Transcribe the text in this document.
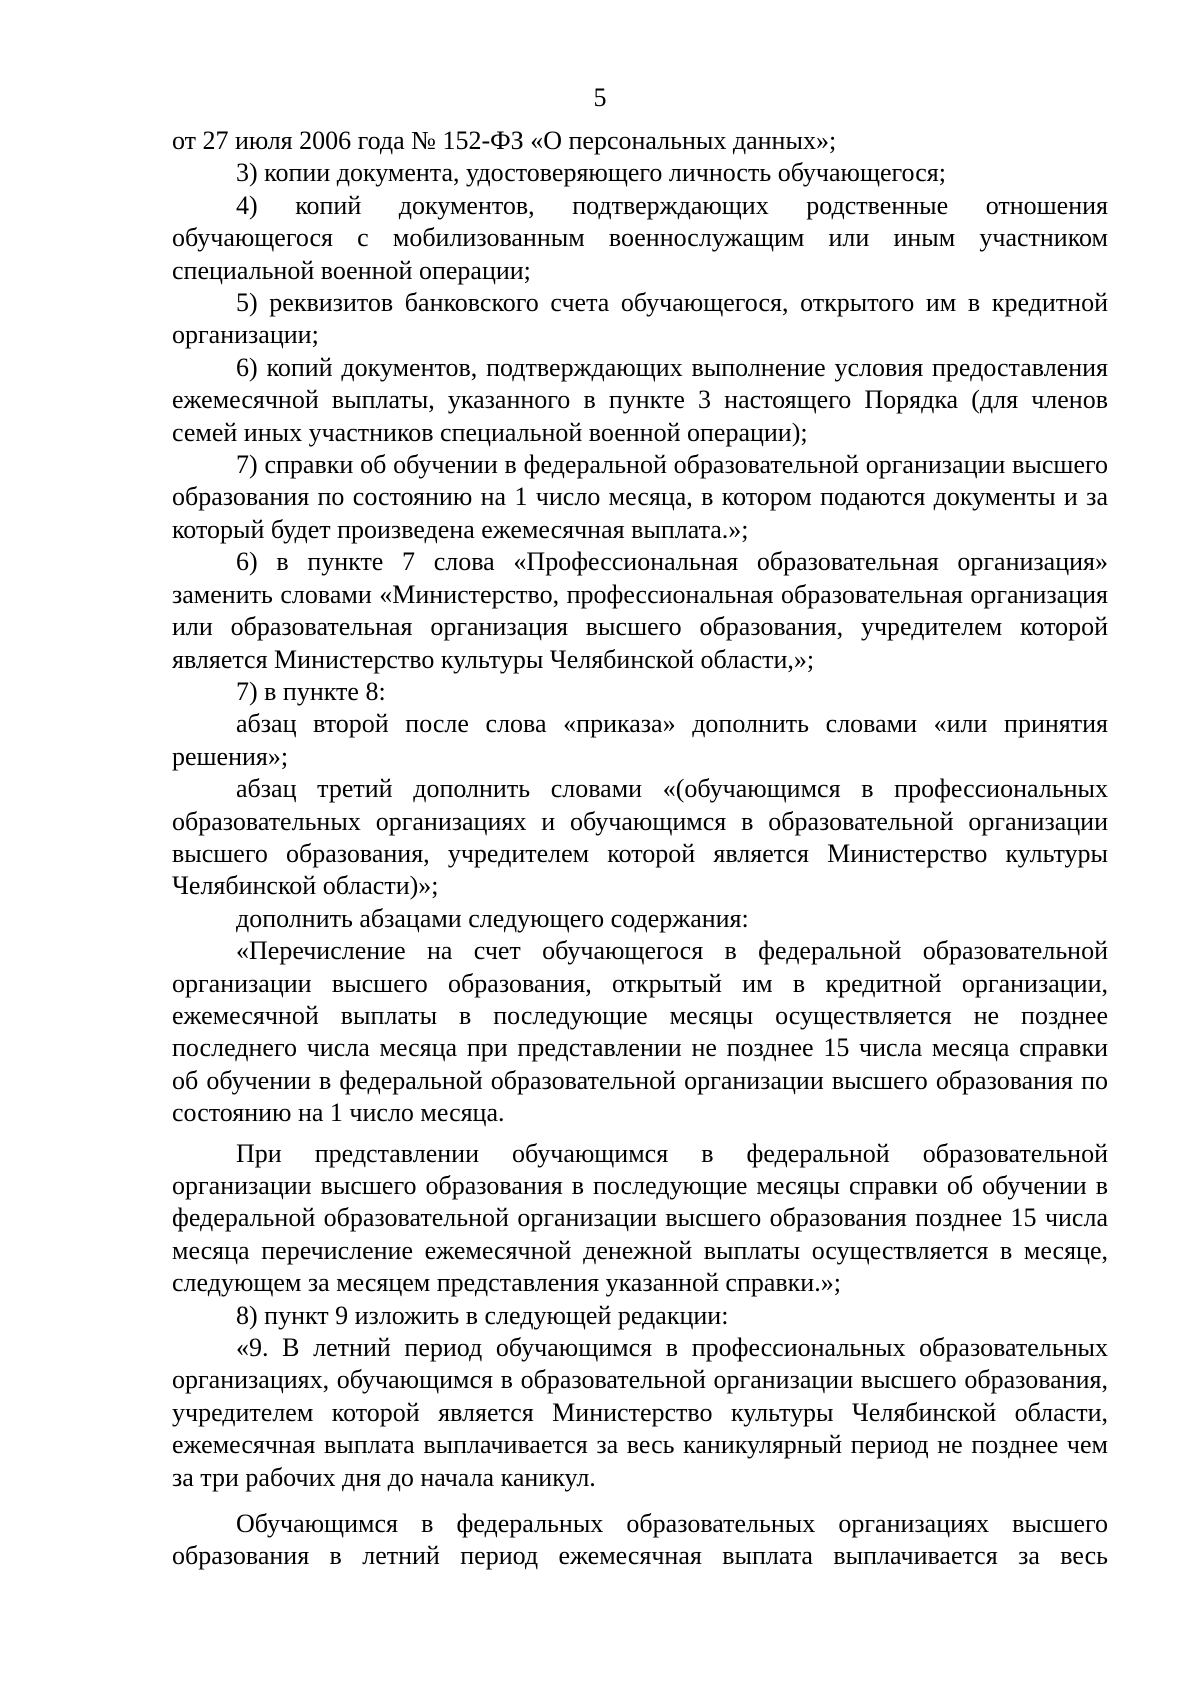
5

от 27 июля 2006 года № 152-ФЗ «О персональных данных»;

3) копии документа, удостоверяющего личность обучающегося;

4) копий документов, подтверждающих родственные отношения обучающегося с мобилизованным военнослужащим или иным участником специальной военной операции;

5) реквизитов банковского счета обучающегося, открытого им в кредитной организации;

6) копий документов, подтверждающих выполнение условия предоставления ежемесячной выплаты, указанного в пункте 3 настоящего Порядка (для членов семей иных участников специальной военной операции);

7) справки об обучении в федеральной образовательной организации высшего образования по состоянию на 1 число месяца, в котором подаются документы и за который будет произведена ежемесячная выплата.»;

6) в пункте 7 слова «Профессиональная образовательная организация» заменить словами «Министерство, профессиональная образовательная организация или образовательная организация высшего образования, учредителем которой является Министерство культуры Челябинской области,»;

7) в пункте 8:

абзац второй после слова «приказа» дополнить словами «или принятия решения»;

абзац третий дополнить словами «(обучающимся в профессиональных образовательных организациях и обучающимся в образовательной организации высшего образования, учредителем которой является Министерство культуры Челябинской области)»;

дополнить абзацами следующего содержания:

«Перечисление на счет обучающегося в федеральной образовательной организации высшего образования, открытый им в кредитной организации, ежемесячной выплаты в последующие месяцы осуществляется не позднее последнего числа месяца при представлении не позднее 15 числа месяца справки об обучении в федеральной образовательной организации высшего образования по состоянию на 1 число месяца.

При представлении обучающимся в федеральной образовательной организации высшего образования в последующие месяцы справки об обучении в федеральной образовательной организации высшего образования позднее 15 числа месяца перечисление ежемесячной денежной выплаты осуществляется в месяце, следующем за месяцем представления указанной справки.»;

8) пункт 9 изложить в следующей редакции:

«9. В летний период обучающимся в профессиональных образовательных организациях, обучающимся в образовательной организации высшего образования, учредителем которой является Министерство культуры Челябинской области, ежемесячная выплата выплачивается за весь каникулярный период не позднее чем за три рабочих дня до начала каникул.

Обучающимся в федеральных образовательных организациях высшего образования в летний период ежемесячная выплата выплачивается за весь
